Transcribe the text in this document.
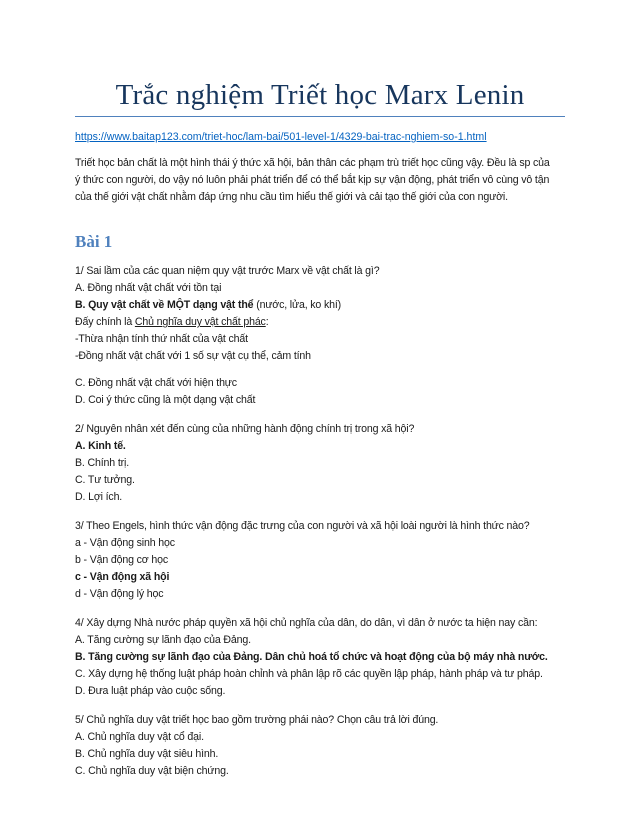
Trắc nghiệm Triết học Marx Lenin
https://www.baitap123.com/triet-hoc/lam-bai/501-level-1/4329-bai-trac-nghiem-so-1.html
Triết học bản chất là một hình thái ý thức xã hội, bản thân các phạm trù triết học cũng vậy. Đều là sp của
ý thức con người, do vậy nó luôn phải phát triển để có thể bắt kịp sự vận động, phát triển vô cùng vô tận
của thế giới vật chất nhằm đáp ứng nhu cầu tìm hiểu thế giới và cải tạo thế giới của con người.
Bài 1
1/ Sai lầm của các quan niệm quy vật trước Marx về vật chất là gì?
A. Đồng nhất vật chất với tồn tại
B. Quy vật chất về MỘT dạng vật thể (nước, lửa, ko khí)
Đấy chính là Chủ nghĩa duy vật chất phác:
-Thừa nhận tính thứ nhất của vật chất
-Đồng nhất vật chất với 1 số sự vật cụ thể, cảm tính
C. Đồng nhất vật chất với hiện thực
D. Coi ý thức cũng là một dạng vật chất
2/ Nguyên nhân xét đến cùng của những hành động chính trị trong xã hội?
A. Kinh tế.
B. Chính trị.
C. Tư tưởng.
D. Lợi ích.
3/ Theo Engels, hình thức vận động đặc trưng của con người và xã hội loài người là hình thức nào?
a - Vận động sinh học
b - Vận động cơ học
c - Vận động xã hội
d - Vận động lý học
4/ Xây dựng Nhà nước pháp quyền xã hội chủ nghĩa của dân, do dân, vì dân ở nước ta hiện nay cần:
A. Tăng cường sự lãnh đạo của Đảng.
B. Tăng cường sự lãnh đạo của Đảng. Dân chủ hoá tổ chức và hoạt động của bộ máy nhà nước.
C. Xây dựng hệ thống luật pháp hoàn chỉnh và phân lập rõ các quyền lập pháp, hành pháp và tư pháp.
D. Đưa luật pháp vào cuộc sống.
5/ Chủ nghĩa duy vật triết học bao gồm trường phái nào? Chọn câu trả lời đúng.
A. Chủ nghĩa duy vật cổ đại.
B. Chủ nghĩa duy vật siêu hình.
C. Chủ nghĩa duy vật biện chứng.
